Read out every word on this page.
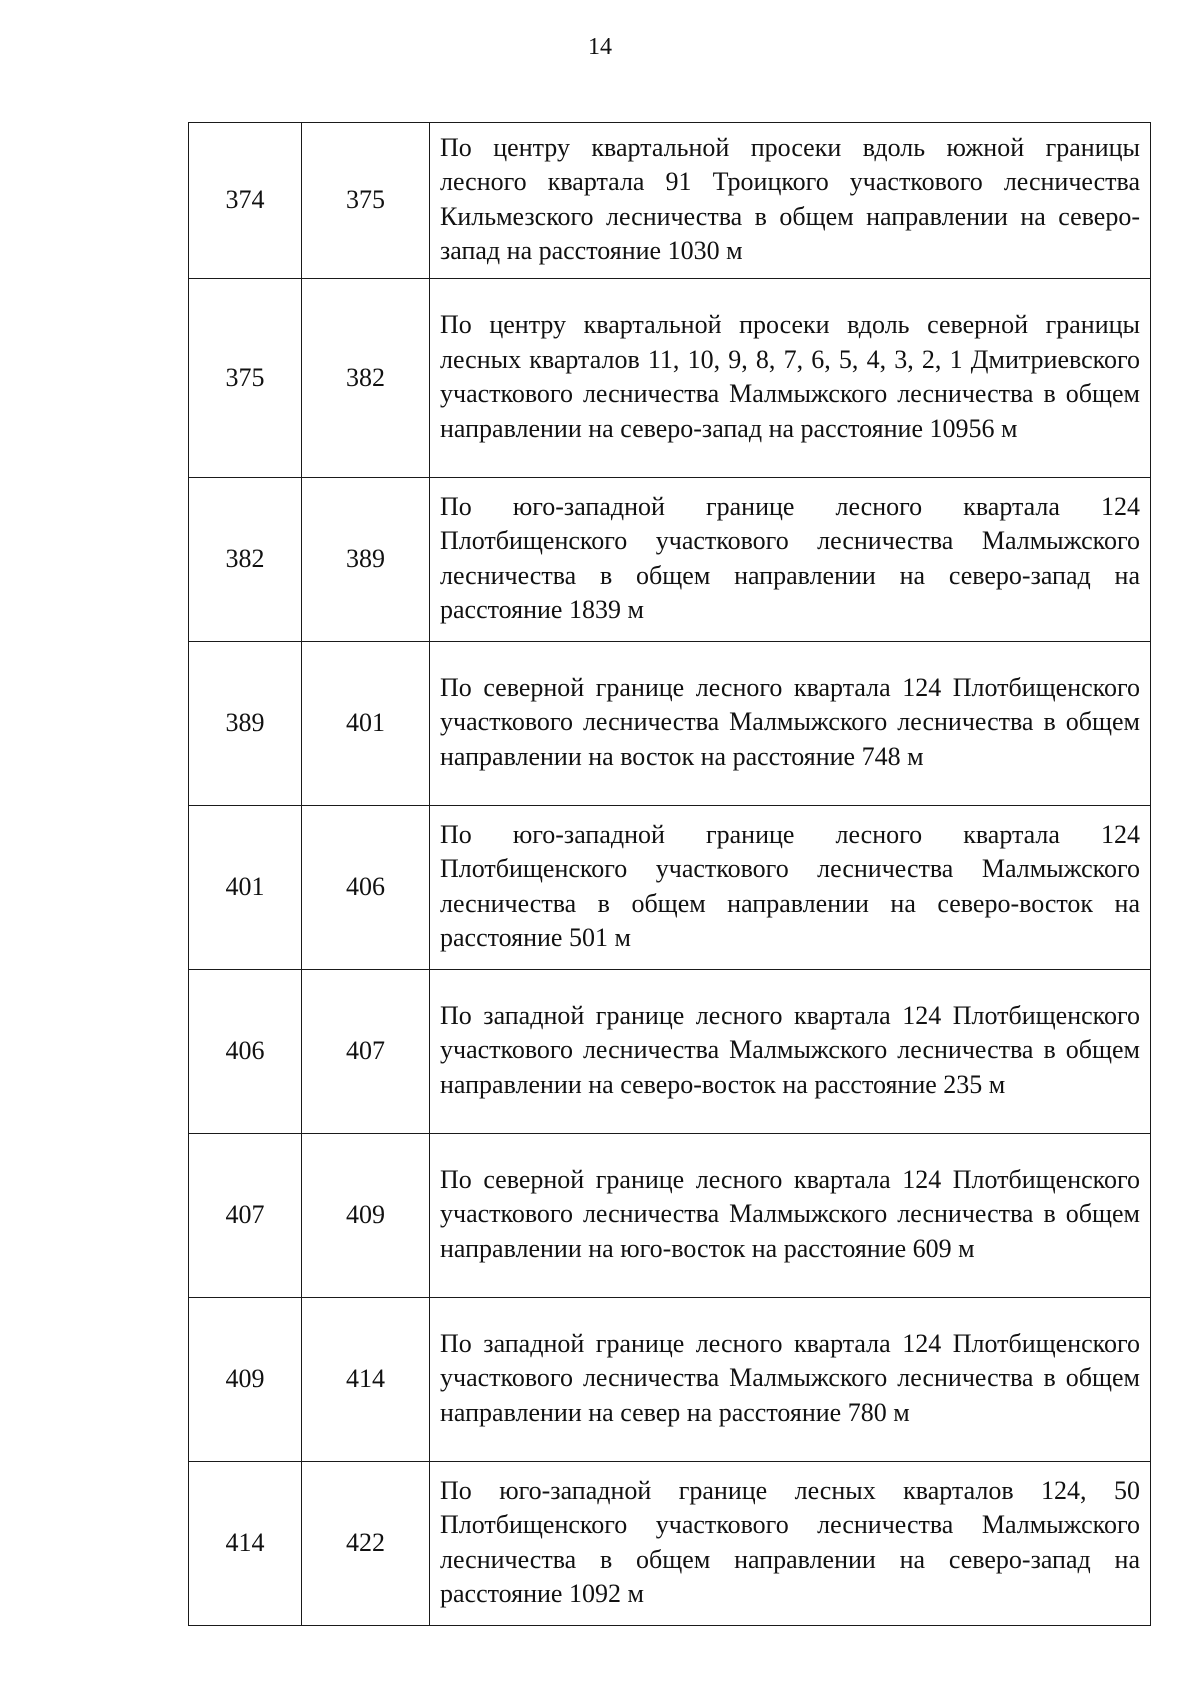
14
374	375	По центру квартальной просеки вдоль южной границы лесного квартала 91 Троицкого участкового лесничества Кильмезского лесничества в общем направлении на северо-запад на расстояние 1030 м
375	382	По центру квартальной просеки вдоль северной границы лесных кварталов 11, 10, 9, 8, 7, 6, 5, 4, 3, 2, 1 Дмитриевского участкового лесничества Малмыжского лесничества в общем направлении на северо-запад на расстояние 10956 м
382	389	По юго-западной границе лесного квартала 124 Плотбищенского участкового лесничества Малмыжского лесничества в общем направлении на северо-запад на расстояние 1839 м
389	401	По северной границе лесного квартала 124 Плотбищенского участкового лесничества Малмыжского лесничества в общем направлении на восток на расстояние 748 м
401	406	По юго-западной границе лесного квартала 124 Плотбищенского участкового лесничества Малмыжского лесничества в общем направлении на северо-восток на расстояние 501 м
406	407	По западной границе лесного квартала 124 Плотбищенского участкового лесничества Малмыжского лесничества в общем направлении на северо-восток на расстояние 235 м
407	409	По северной границе лесного квартала 124 Плотбищенского участкового лесничества Малмыжского лесничества в общем направлении на юго-восток на расстояние 609 м
409	414	По западной границе лесного квартала 124 Плотбищенского участкового лесничества Малмыжского лесничества в общем направлении на север на расстояние 780 м
414	422	По юго-западной границе лесных кварталов 124, 50 Плотбищенского участкового лесничества Малмыжского лесничества в общем направлении на северо-запад на расстояние 1092 м
